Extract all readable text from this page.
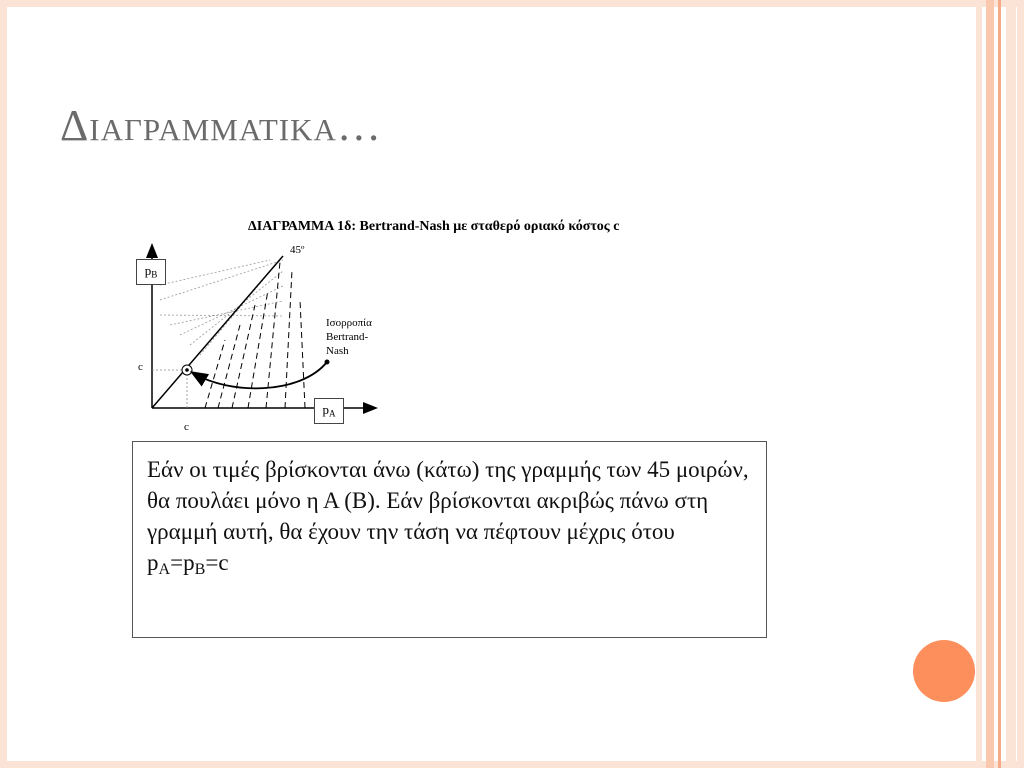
Διαγραμματικα…
ΔΙΑΓΡΑΜΜΑ 1δ: Bertrand-Nash με σταθερό οριακό κόστος c
$p_B$
$p_A$
45º
c
c
Ισορροπία
Bertrand-
Nash
Εάν οι τιμές βρίσκονται άνω (κάτω) της γραμμής των 45 μοιρών, θα πουλάει μόνο η Α (Β). Εάν βρίσκονται ακριβώς πάνω στη γραμμή αυτή, θα έχουν την τάση να πέφτουν μέχρις ότου $p_A=p_B=c$
